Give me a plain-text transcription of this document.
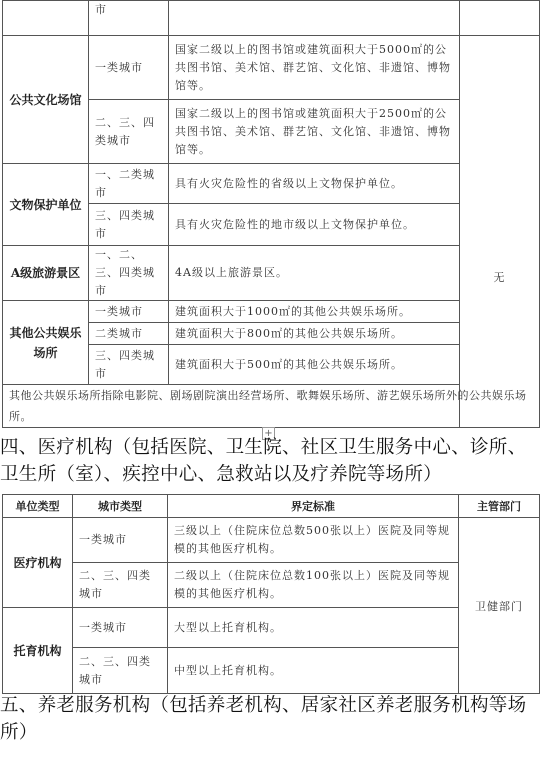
	市		
公共文化场馆	一类城市	国家二级以上的图书馆或建筑面积大于5000㎡的公共图书馆、美术馆、群艺馆、文化馆、非遗馆、博物馆等。	无
	二、三、四类城市	国家二级以上的图书馆或建筑面积大于2500㎡的公共图书馆、美术馆、群艺馆、文化馆、非遗馆、博物馆等。	
文物保护单位	一、二类城市	具有火灾危险性的省级以上文物保护单位。	
	三、四类城市	具有火灾危险性的地市级以上文物保护单位。	
A级旅游景区	一、二、三、四类城市	4A级以上旅游景区。	
其他公共娱乐场所	一类城市	建筑面积大于1000㎡的其他公共娱乐场所。	
	二类城市	建筑面积大于800㎡的其他公共娱乐场所。	
	三、四类城市	建筑面积大于500㎡的其他公共娱乐场所。	
其他公共娱乐场所指除电影院、剧场剧院演出经营场所、歌舞娱乐场所、游艺娱乐场所外的公共娱乐场所。			
+

四、医疗机构（包括医院、卫生院、社区卫生服务中心、诊所、卫生所（室）、疾控中心、急救站以及疗养院等场所）

单位类型	城市类型	界定标准	主管部门
医疗机构	一类城市	三级以上（住院床位总数500张以上）医院及同等规模的其他医疗机构。	卫健部门
	二、三、四类城市	二级以上（住院床位总数100张以上）医院及同等规模的其他医疗机构。	
托育机构	一类城市	大型以上托育机构。	
	二、三、四类城市	中型以上托育机构。	

五、养老服务机构（包括养老机构、居家社区养老服务机构等场所）
